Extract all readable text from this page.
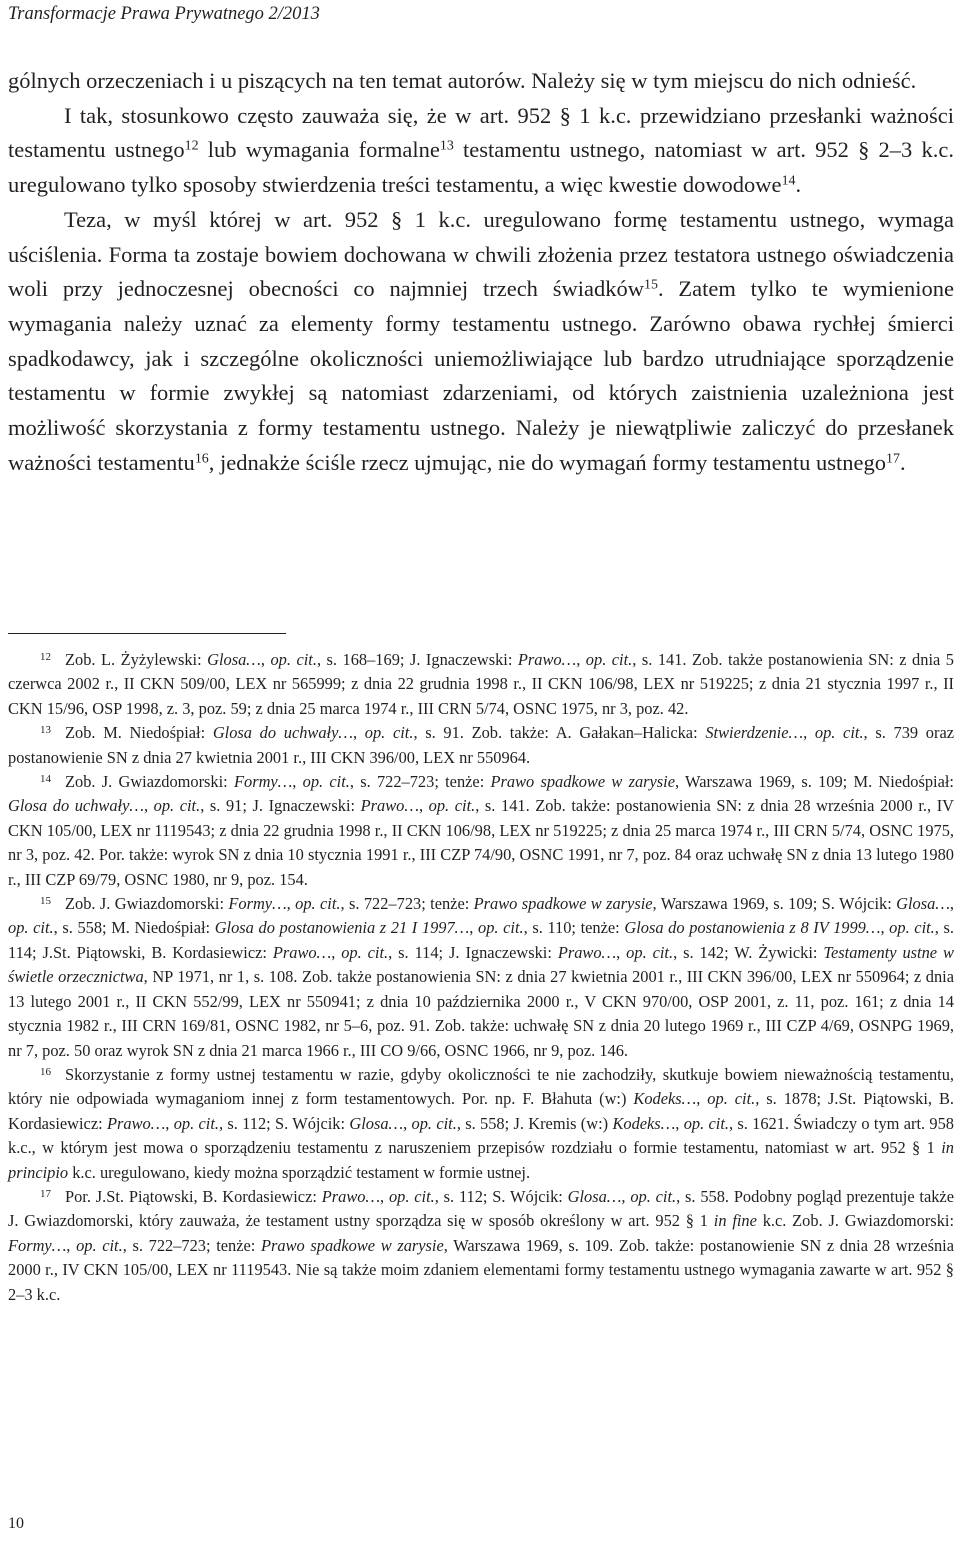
Transformacje Prawa Prywatnego 2/2013

gólnych orzeczeniach i u piszących na ten temat autorów. Należy się w tym miejscu do nich odnieść.

I tak, stosunkowo często zauważa się, że w art. 952 § 1 k.c. przewidziano przesłanki ważności testamentu ustnego$^{12}$ lub wymagania formalne$^{13}$ testamentu ustnego, natomiast w art. 952 § 2–3 k.c. uregulowano tylko sposoby stwierdzenia treści testamentu, a więc kwestie dowodowe$^{14}$.

Teza, w myśl której w art. 952 § 1 k.c. uregulowano formę testamentu ustnego, wymaga uściślenia. Forma ta zostaje bowiem dochowana w chwili złożenia przez testatora ustnego oświadczenia woli przy jednoczesnej obecności co najmniej trzech świadków$^{15}$. Zatem tylko te wymienione wymagania należy uznać za elementy formy testamentu ustnego. Zarówno obawa rychłej śmierci spadkodawcy, jak i szczególne okoliczności uniemożliwiające lub bardzo utrudniające sporządzenie testamentu w formie zwykłej są natomiast zdarzeniami, od których zaistnienia uzależniona jest możliwość skorzystania z formy testamentu ustnego. Należy je niewątpliwie zaliczyć do przesłanek ważności testamentu$^{16}$, jednakże ściśle rzecz ujmując, nie do wymagań formy testamentu ustnego$^{17}$.

$^{12}$ Zob. L. Żyżylewski: Glosa…, op. cit., s. 168–169; J. Ignaczewski: Prawo…, op. cit., s. 141. Zob. także postanowienia SN: z dnia 5 czerwca 2002 r., II CKN 509/00, LEX nr 565999; z dnia 22 grudnia 1998 r., II CKN 106/98, LEX nr 519225; z dnia 21 stycznia 1997 r., II CKN 15/96, OSP 1998, z. 3, poz. 59; z dnia 25 marca 1974 r., III CRN 5/74, OSNC 1975, nr 3, poz. 42.

$^{13}$ Zob. M. Niedośpiał: Glosa do uchwały…, op. cit., s. 91. Zob. także: A. Gałakan–Halicka: Stwierdzenie…, op. cit., s. 739 oraz postanowienie SN z dnia 27 kwietnia 2001 r., III CKN 396/00, LEX nr 550964.

$^{14}$ Zob. J. Gwiazdomorski: Formy…, op. cit., s. 722–723; tenże: Prawo spadkowe w zarysie, Warszawa 1969, s. 109; M. Niedośpiał: Glosa do uchwały…, op. cit., s. 91; J. Ignaczewski: Prawo…, op. cit., s. 141. Zob. także: postanowienia SN: z dnia 28 września 2000 r., IV CKN 105/00, LEX nr 1119543; z dnia 22 grudnia 1998 r., II CKN 106/98, LEX nr 519225; z dnia 25 marca 1974 r., III CRN 5/74, OSNC 1975, nr 3, poz. 42. Por. także: wyrok SN z dnia 10 stycznia 1991 r., III CZP 74/90, OSNC 1991, nr 7, poz. 84 oraz uchwałę SN z dnia 13 lutego 1980 r., III CZP 69/79, OSNC 1980, nr 9, poz. 154.

$^{15}$ Zob. J. Gwiazdomorski: Formy…, op. cit., s. 722–723; tenże: Prawo spadkowe w zarysie, Warszawa 1969, s. 109; S. Wójcik: Glosa…, op. cit., s. 558; M. Niedośpiał: Glosa do postanowienia z 21 I 1997…, op. cit., s. 110; tenże: Glosa do postanowienia z 8 IV 1999…, op. cit., s. 114; J.St. Piątowski, B. Kordasiewicz: Prawo…, op. cit., s. 114; J. Ignaczewski: Prawo…, op. cit., s. 142; W. Żywicki: Testamenty ustne w świetle orzecznictwa, NP 1971, nr 1, s. 108. Zob. także postanowienia SN: z dnia 27 kwietnia 2001 r., III CKN 396/00, LEX nr 550964; z dnia 13 lutego 2001 r., II CKN 552/99, LEX nr 550941; z dnia 10 października 2000 r., V CKN 970/00, OSP 2001, z. 11, poz. 161; z dnia 14 stycznia 1982 r., III CRN 169/81, OSNC 1982, nr 5–6, poz. 91. Zob. także: uchwałę SN z dnia 20 lutego 1969 r., III CZP 4/69, OSNPG 1969, nr 7, poz. 50 oraz wyrok SN z dnia 21 marca 1966 r., III CO 9/66, OSNC 1966, nr 9, poz. 146.

$^{16}$ Skorzystanie z formy ustnej testamentu w razie, gdyby okoliczności te nie zachodziły, skutkuje bowiem nieważnością testamentu, który nie odpowiada wymaganiom innej z form testamentowych. Por. np. F. Błahuta (w:) Kodeks…, op. cit., s. 1878; J.St. Piątowski, B. Kordasiewicz: Prawo…, op. cit., s. 112; S. Wójcik: Glosa…, op. cit., s. 558; J. Kremis (w:) Kodeks…, op. cit., s. 1621. Świadczy o tym art. 958 k.c., w którym jest mowa o sporządzeniu testamentu z naruszeniem przepisów rozdziału o formie testamentu, natomiast w art. 952 § 1 in principio k.c. uregulowano, kiedy można sporządzić testament w formie ustnej.

$^{17}$ Por. J.St. Piątowski, B. Kordasiewicz: Prawo…, op. cit., s. 112; S. Wójcik: Glosa…, op. cit., s. 558. Podobny pogląd prezentuje także J. Gwiazdomorski, który zauważa, że testament ustny sporządza się w sposób określony w art. 952 § 1 in fine k.c. Zob. J. Gwiazdomorski: Formy…, op. cit., s. 722–723; tenże: Prawo spadkowe w zarysie, Warszawa 1969, s. 109. Zob. także: postanowienie SN z dnia 28 września 2000 r., IV CKN 105/00, LEX nr 1119543. Nie są także moim zdaniem elementami formy testamentu ustnego wymagania zawarte w art. 952 § 2–3 k.c.

10
